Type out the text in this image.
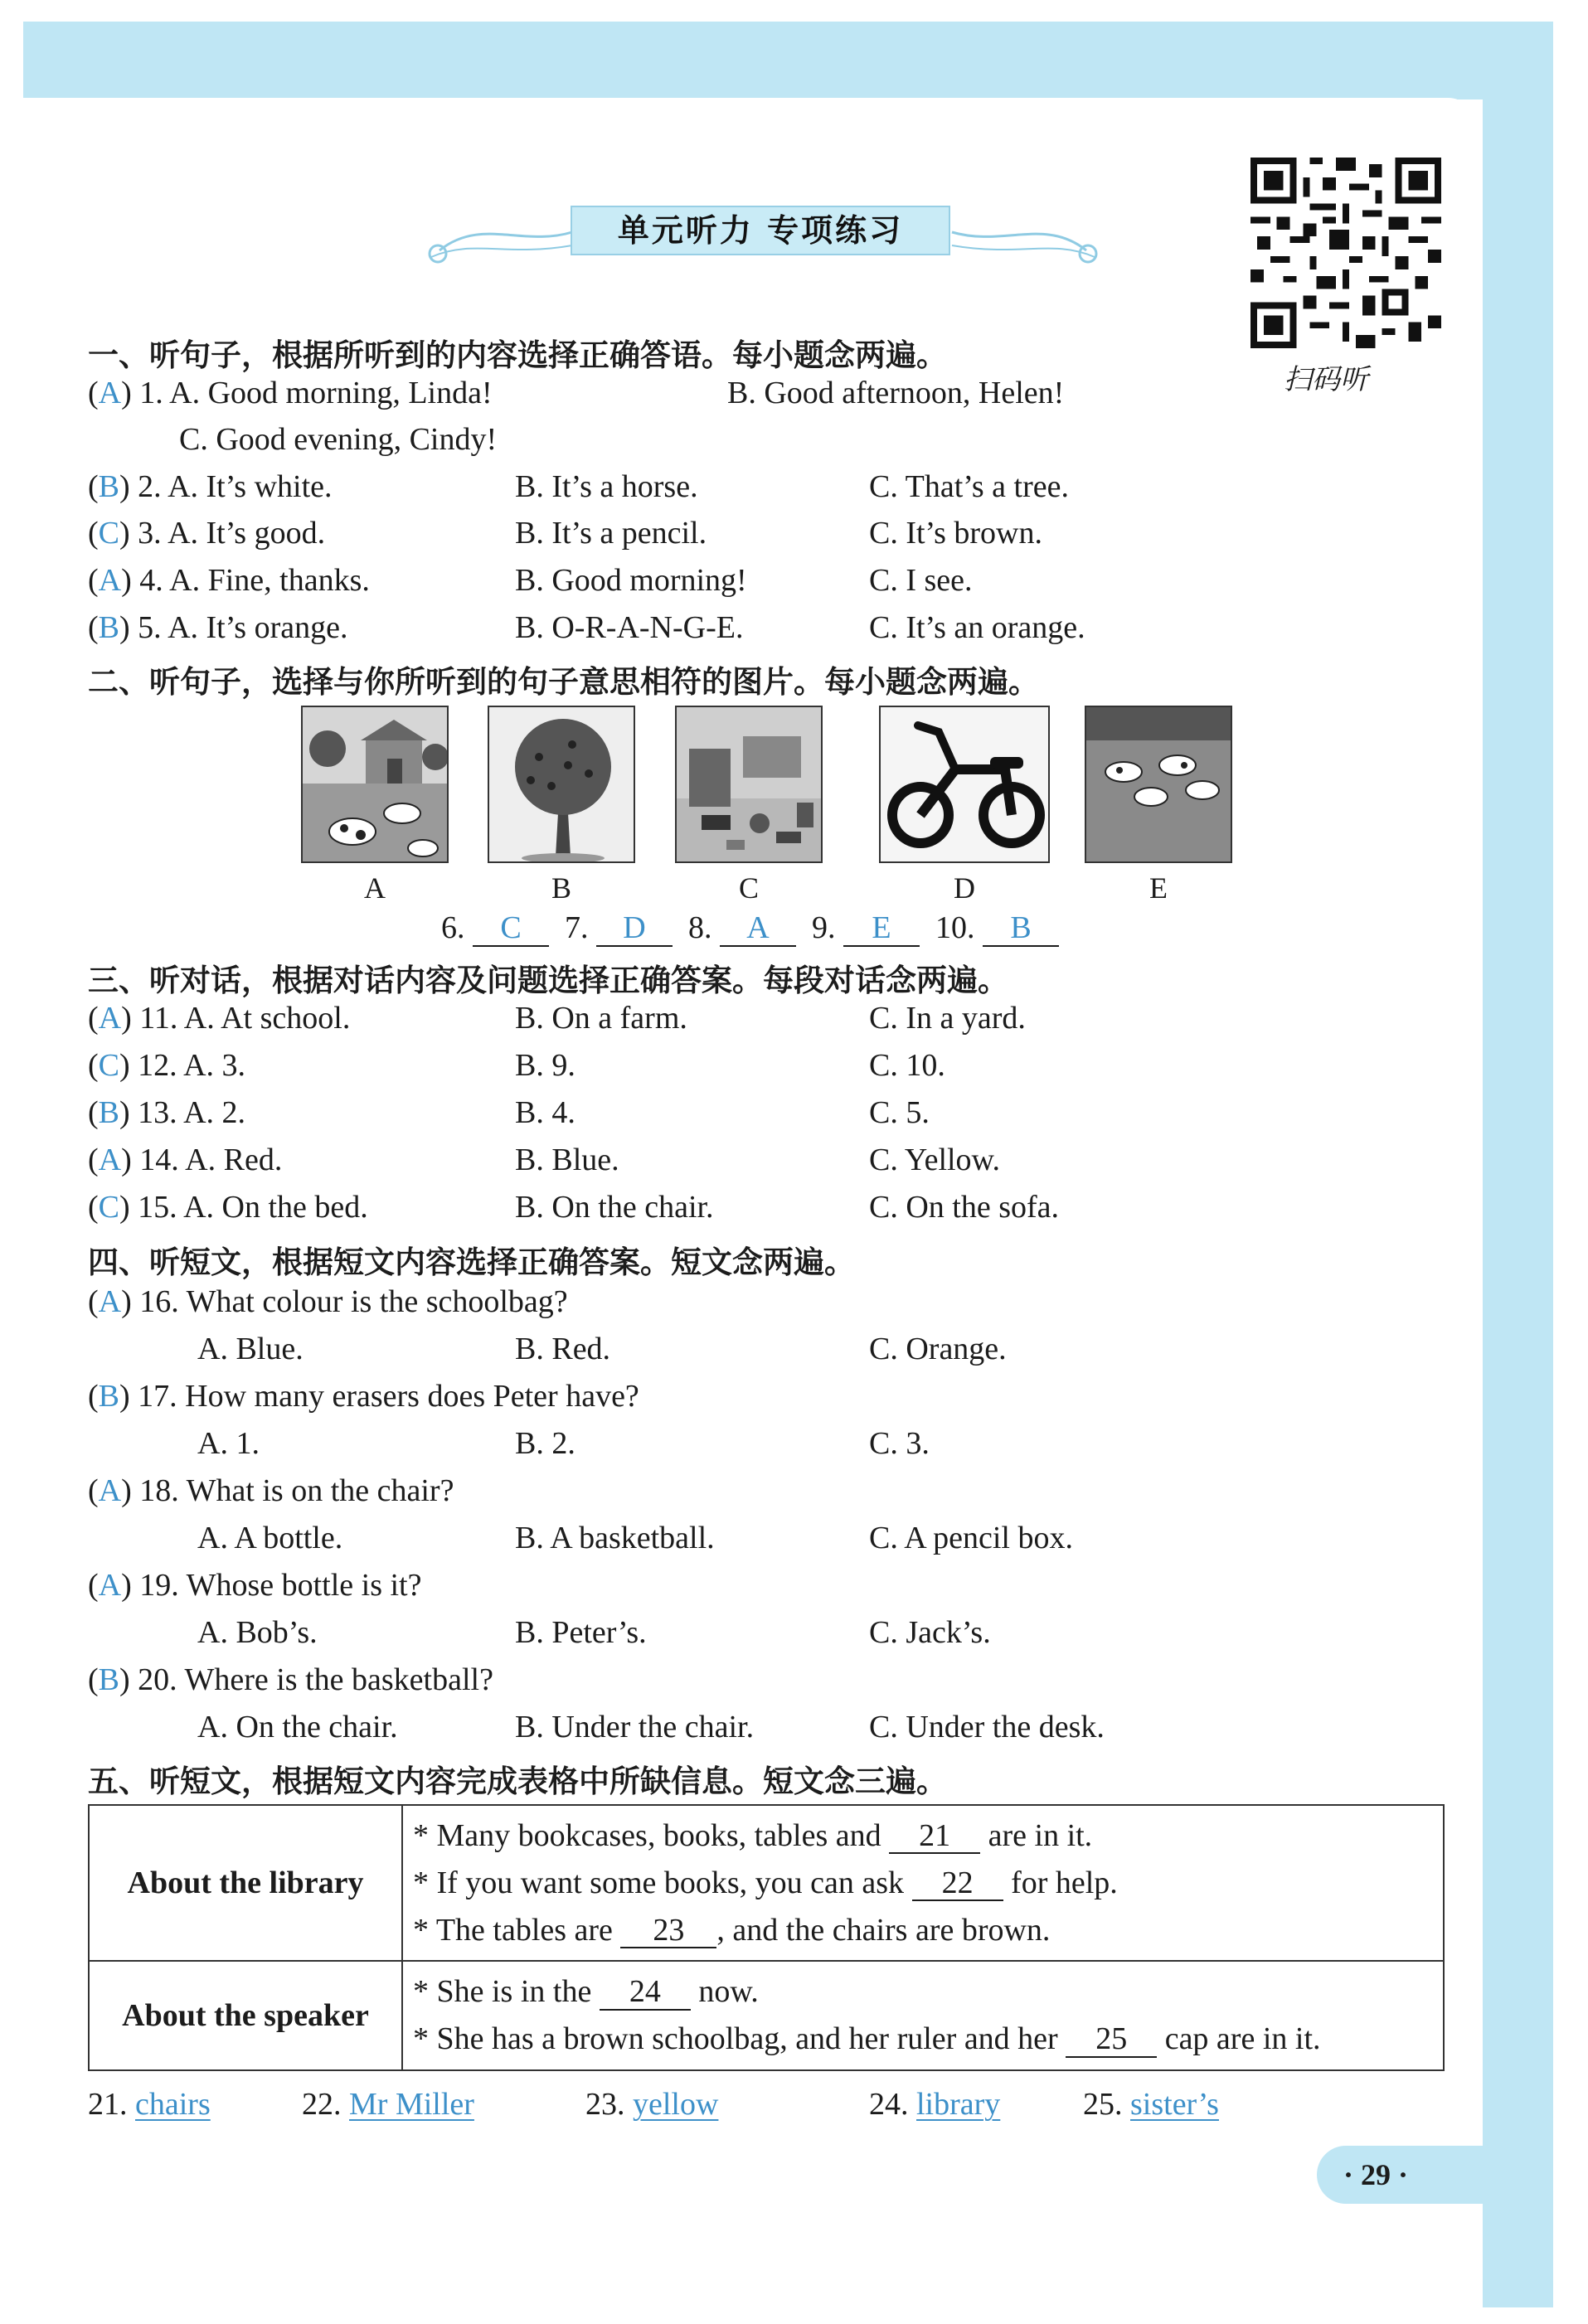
单元听力 专项练习
扫码听
一、听句子，根据所听到的内容选择正确答语。每小题念两遍。
(A) 1. A. Good morning, Linda!	B. Good afternoon, Helen!
C. Good evening, Cindy!
(B) 2. A. It’s white.	B. It’s a horse.	C. That’s a tree.
(C) 3. A. It’s good.	B. It’s a pencil.	C. It’s brown.
(A) 4. A. Fine, thanks.	B. Good morning!	C. I see.
(B) 5. A. It’s orange.	B. O-R-A-N-G-E.	C. It’s an orange.
二、听句子，选择与你所听到的句子意思相符的图片。每小题念两遍。
A	B	C	D	E
6. C 7. D 8. A 9. E 10. B
三、听对话，根据对话内容及问题选择正确答案。每段对话念两遍。
(A) 11. A. At school.	B. On a farm.	C. In a yard.
(C) 12. A. 3.	B. 9.	C. 10.
(B) 13. A. 2.	B. 4.	C. 5.
(A) 14. A. Red.	B. Blue.	C. Yellow.
(C) 15. A. On the bed.	B. On the chair.	C. On the sofa.
四、听短文，根据短文内容选择正确答案。短文念两遍。
(A) 16. What colour is the schoolbag?
A. Blue.	B. Red.	C. Orange.
(B) 17. How many erasers does Peter have?
A. 1.	B. 2.	C. 3.
(A) 18. What is on the chair?
A. A bottle.	B. A basketball.	C. A pencil box.
(A) 19. Whose bottle is it?
A. Bob’s.	B. Peter’s.	C. Jack’s.
(B) 20. Where is the basketball?
A. On the chair.	B. Under the chair.	C. Under the desk.
五、听短文，根据短文内容完成表格中所缺信息。短文念三遍。
About the library	* Many bookcases, books, tables and 21 are in it.
* If you want some books, you can ask 22 for help.
* The tables are 23 , and the chairs are brown.

About the speaker	* She is in the 24 now.
* She has a brown schoolbag, and her ruler and her 25 cap are in it.
21. chairs	22. Mr Miller	23. yellow	24. library	25. sister’s
· 29 ·
